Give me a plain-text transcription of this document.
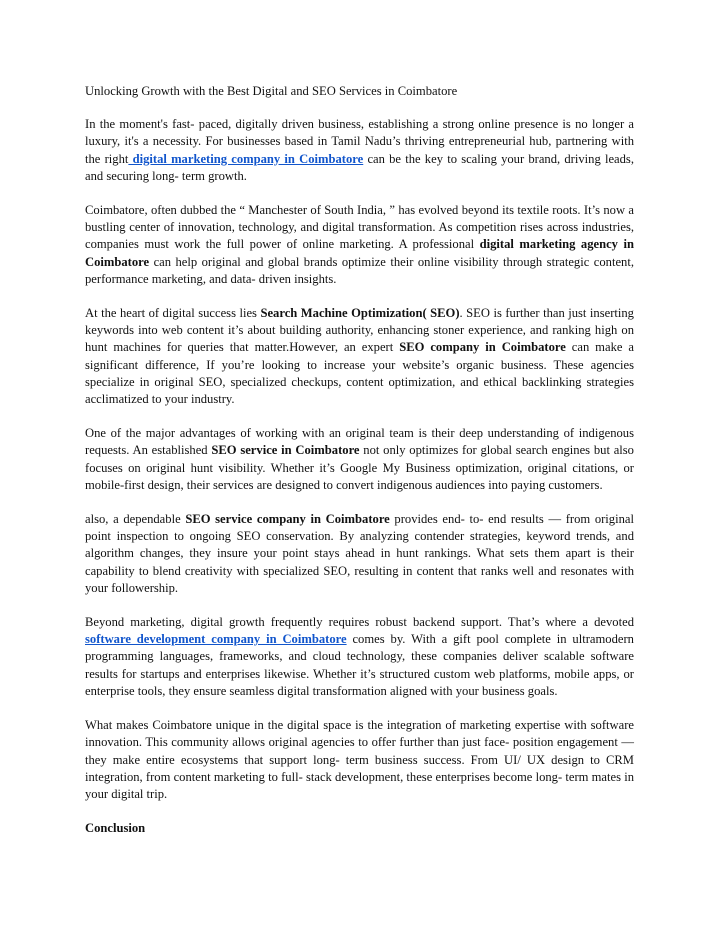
Unlocking Growth with the Best Digital and SEO Services in Coimbatore

In the moment's fast- paced, digitally driven business, establishing a strong online presence is no longer a luxury, it's a necessity. For businesses based in Tamil Nadu’s thriving entrepreneurial hub, partnering with the right digital marketing company in Coimbatore can be the key to scaling your brand, driving leads, and securing long- term growth.

Coimbatore, often dubbed the “ Manchester of South India, ” has evolved beyond its textile roots. It’s now a bustling center of innovation, technology, and digital transformation. As competition rises across industries, companies must work the full power of online marketing. A professional digital marketing agency in Coimbatore can help original and global brands optimize their online visibility through strategic content, performance marketing, and data- driven insights.

At the heart of digital success lies Search Machine Optimization( SEO). SEO is further than just inserting keywords into web content it’s about building authority, enhancing stoner experience, and ranking high on hunt machines for queries that matter.However, an expert SEO company in Coimbatore can make a significant difference, If you’re looking to increase your website’s organic business. These agencies specialize in original SEO, specialized checkups, content optimization, and ethical backlinking strategies acclimatized to your industry.

One of the major advantages of working with an original team is their deep understanding of indigenous requests. An established SEO service in Coimbatore not only optimizes for global search engines but also focuses on original hunt visibility. Whether it’s Google My Business optimization, original citations, or mobile-first design, their services are designed to convert indigenous audiences into paying customers.

also, a dependable SEO service company in Coimbatore provides end- to- end results — from original point inspection to ongoing SEO conservation. By analyzing contender strategies, keyword trends, and algorithm changes, they insure your point stays ahead in hunt rankings. What sets them apart is their capability to blend creativity with specialized SEO, resulting in content that ranks well and resonates with your followership.

Beyond marketing, digital growth frequently requires robust backend support. That’s where a devoted software development company in Coimbatore comes by. With a gift pool complete in ultramodern programming languages, frameworks, and cloud technology, these companies deliver scalable software results for startups and enterprises likewise. Whether it’s structured custom web platforms, mobile apps, or enterprise tools, they ensure seamless digital transformation aligned with your business goals.

What makes Coimbatore unique in the digital space is the integration of marketing expertise with software innovation. This community allows original agencies to offer further than just face- position engagement — they make entire ecosystems that support long- term business success. From UI/ UX design to CRM integration, from content marketing to full- stack development, these enterprises become long- term mates in your digital trip.

Conclusion
